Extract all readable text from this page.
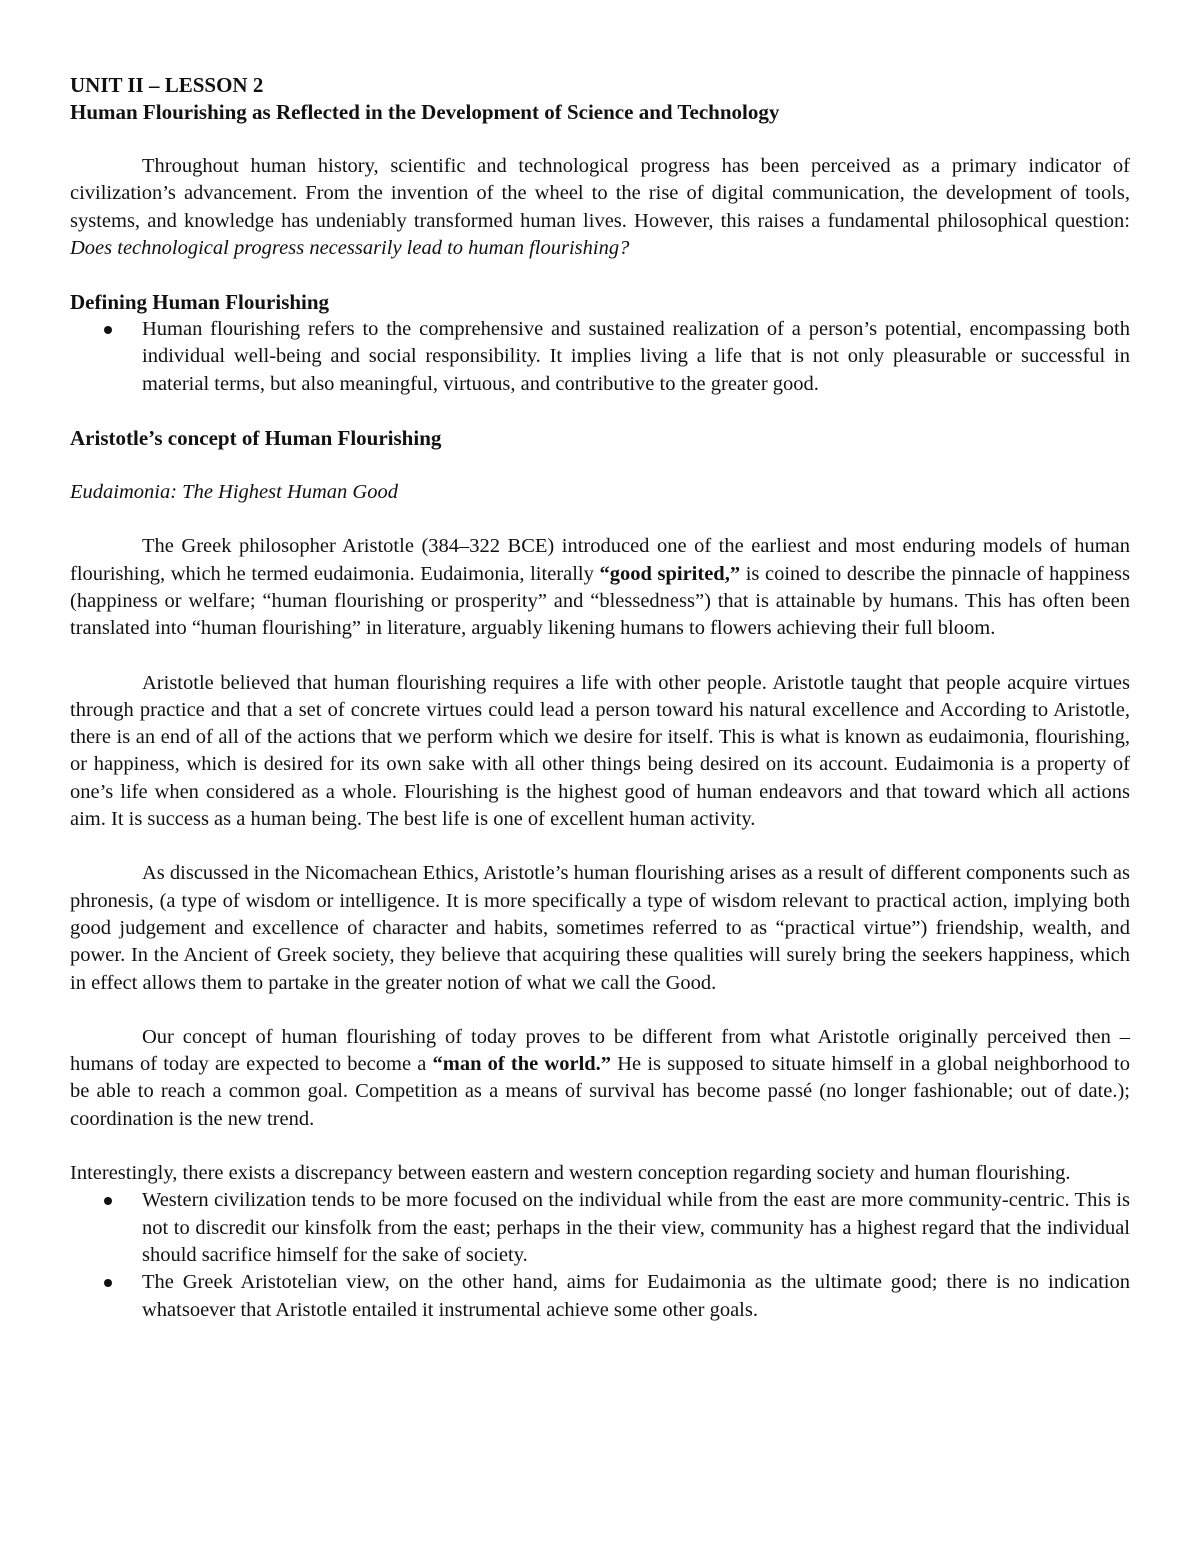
UNIT II – LESSON 2
Human Flourishing as Reflected in the Development of Science and Technology

Throughout human history, scientific and technological progress has been perceived as a primary indicator of civilization’s advancement. From the invention of the wheel to the rise of digital communication, the development of tools, systems, and knowledge has undeniably transformed human lives. However, this raises a fundamental philosophical question: Does technological progress necessarily lead to human flourishing?

Defining Human Flourishing
Human flourishing refers to the comprehensive and sustained realization of a person’s potential, encompassing both individual well-being and social responsibility. It implies living a life that is not only pleasurable or successful in material terms, but also meaningful, virtuous, and contributive to the greater good.
Aristotle’s concept of Human Flourishing
Eudaimonia: The Highest Human Good

The Greek philosopher Aristotle (384–322 BCE) introduced one of the earliest and most enduring models of human flourishing, which he termed eudaimonia. Eudaimonia, literally “good spirited,” is coined to describe the pinnacle of happiness (happiness or welfare; “human flourishing or prosperity” and “blessedness”) that is attainable by humans. This has often been translated into “human flourishing” in literature, arguably likening humans to flowers achieving their full bloom.

Aristotle believed that human flourishing requires a life with other people. Aristotle taught that people acquire virtues through practice and that a set of concrete virtues could lead a person toward his natural excellence and According to Aristotle, there is an end of all of the actions that we perform which we desire for itself. This is what is known as eudaimonia, flourishing, or happiness, which is desired for its own sake with all other things being desired on its account. Eudaimonia is a property of one’s life when considered as a whole. Flourishing is the highest good of human endeavors and that toward which all actions aim. It is success as a human being. The best life is one of excellent human activity.

As discussed in the Nicomachean Ethics, Aristotle’s human flourishing arises as a result of different components such as phronesis, (a type of wisdom or intelligence. It is more specifically a type of wisdom relevant to practical action, implying both good judgement and excellence of character and habits, sometimes referred to as “practical virtue”) friendship, wealth, and power. In the Ancient of Greek society, they believe that acquiring these qualities will surely bring the seekers happiness, which in effect allows them to partake in the greater notion of what we call the Good.

Our concept of human flourishing of today proves to be different from what Aristotle originally perceived then – humans of today are expected to become a “man of the world.” He is supposed to situate himself in a global neighborhood to be able to reach a common goal. Competition as a means of survival has become passé (no longer fashionable; out of date.); coordination is the new trend.

Interestingly, there exists a discrepancy between eastern and western conception regarding society and human flourishing.

Western civilization tends to be more focused on the individual while from the east are more community-centric. This is not to discredit our kinsfolk from the east; perhaps in the their view, community has a highest regard that the individual should sacrifice himself for the sake of society.
The Greek Aristotelian view, on the other hand, aims for Eudaimonia as the ultimate good; there is no indication whatsoever that Aristotle entailed it instrumental achieve some other goals.
